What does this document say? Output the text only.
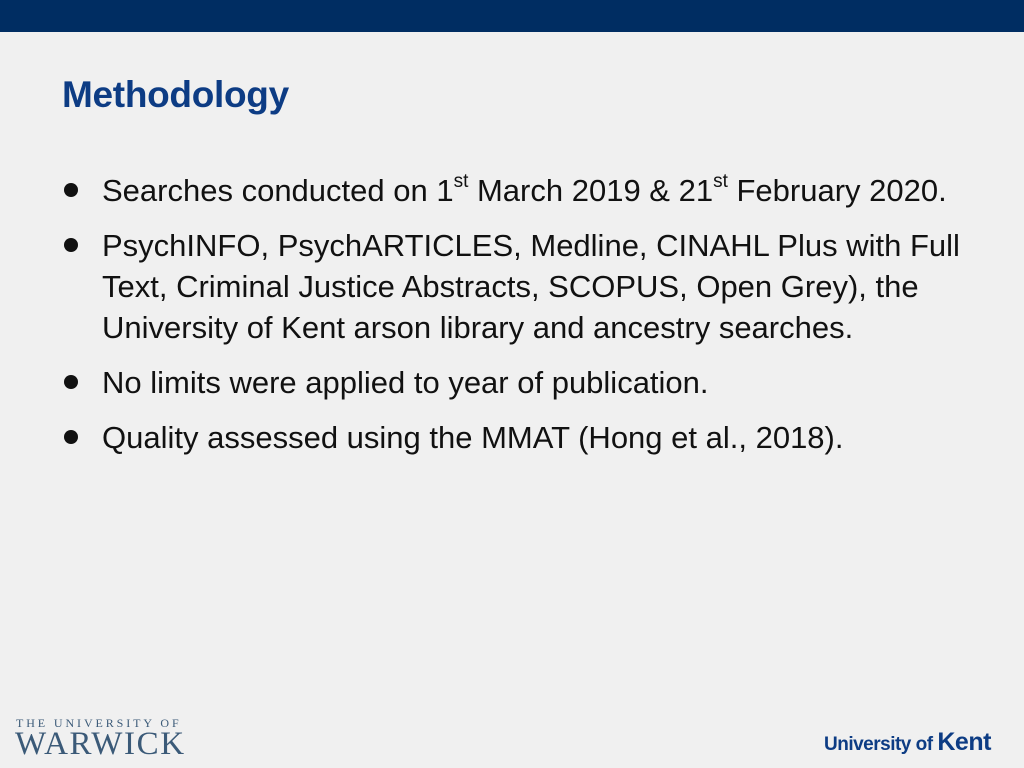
Methodology
Searches conducted on 1st March 2019 & 21st February 2020.
PsychINFO, PsychARTICLES, Medline, CINAHL Plus with Full Text, Criminal Justice Abstracts, SCOPUS, Open Grey), the University of Kent arson library and ancestry searches.
No limits were applied to year of publication.
Quality assessed using the MMAT (Hong et al., 2018).
THE UNIVERSITY OF
WARWICK	University of Kent
